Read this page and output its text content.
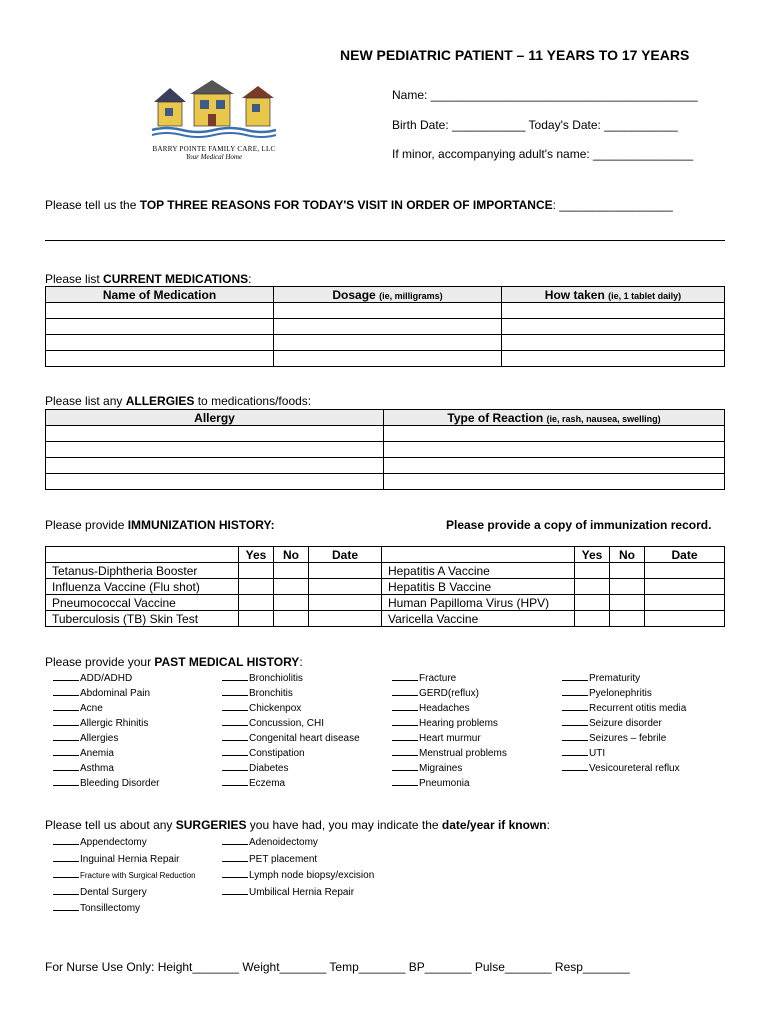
NEW PEDIATRIC PATIENT – 11 YEARS TO 17 YEARS
BARRY POINTE FAMILY CARE, LLC
Your Medical Home
Name: ________________________________________
Birth Date: ___________ Today's Date: ___________
If minor, accompanying adult's name: _______________
Please tell us the TOP THREE REASONS FOR TODAY'S VISIT IN ORDER OF IMPORTANCE: _________________
Please list CURRENT MEDICATIONS:
Name of Medication	Dosage (ie, milligrams)	How taken (ie, 1 tablet daily)

Please list any ALLERGIES to medications/foods:
Allergy	Type of Reaction (ie, rash, nausea, swelling)

Please provide IMMUNIZATION HISTORY:	Please provide a copy of immunization record.
	Yes	No	Date		Yes	No	Date
Tetanus-Diphtheria Booster				Hepatitis A Vaccine			
Influenza Vaccine (Flu shot)				Hepatitis B Vaccine			
Pneumococcal Vaccine				Human Papilloma Virus (HPV)			
Tuberculosis (TB) Skin Test				Varicella Vaccine			
Please provide your PAST MEDICAL HISTORY:
ADD/ADHD
Abdominal Pain
Acne
Allergic Rhinitis
Allergies
Anemia
Asthma
Bleeding Disorder
Bronchiolitis
Bronchitis
Chickenpox
Concussion, CHI
Congenital heart disease
Constipation
Diabetes
Eczema
Fracture
GERD(reflux)
Headaches
Hearing problems
Heart murmur
Menstrual problems
Migraines
Pneumonia
Prematurity
Pyelonephritis
Recurrent otitis media
Seizure disorder
Seizures – febrile
UTI
Vesicoureteral reflux
Please tell us about any SURGERIES you have had, you may indicate the date/year if known:
Appendectomy
Inguinal Hernia Repair
Fracture with Surgical Reduction
Dental Surgery
Tonsillectomy
Adenoidectomy
PET placement
Lymph node biopsy/excision
Umbilical Hernia Repair
For Nurse Use Only: Height_______ Weight_______ Temp_______ BP_______ Pulse_______ Resp_______
